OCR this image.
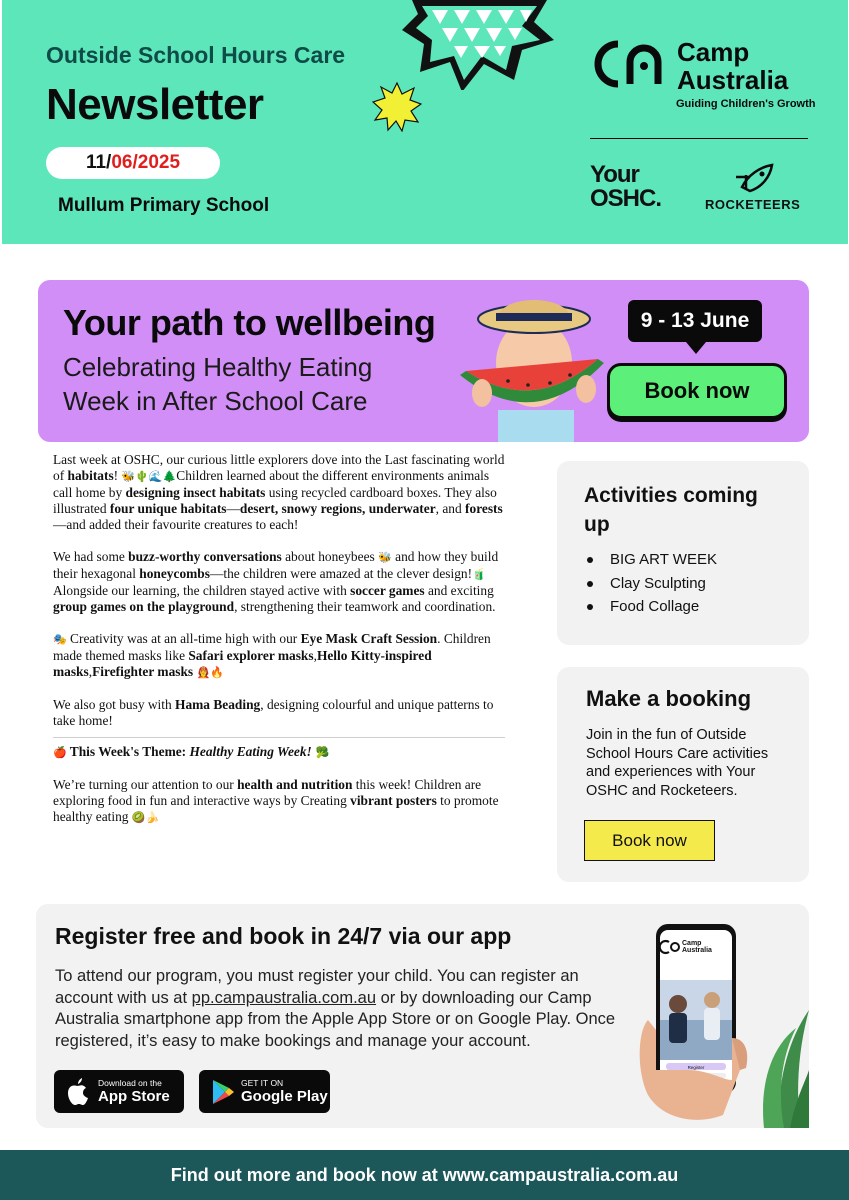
Outside School Hours Care
Newsletter
11/06/2025
Mullum Primary School
Camp
Australia
Guiding Children's Growth
Your
OSHC.	ROCKETEERS
Your path to wellbeing
Celebrating Healthy Eating
Week in After School Care
9 - 13 June
Book now

Last week at OSHC, our curious little explorers dove into the Last fascinating world of habitats! 🐝🌵🌊🌲Children learned about the different environments animals call home by designing insect habitats using recycled cardboard boxes. They also illustrated four unique habitats—desert, snowy regions, underwater, and forests—and added their favourite creatures to each!

We had some buzz-worthy conversations about honeybees 🐝 and how they build their hexagonal honeycombs—the children were amazed at the clever design!🧃 Alongside our learning, the children stayed active with soccer games and exciting group games on the playground, strengthening their teamwork and coordination.

🎭 Creativity was at an all-time high with our Eye Mask Craft Session. Children made themed masks like Safari explorer masks,Hello Kitty-inspired masks,Firefighter masks 👩‍🚒🔥

We also got busy with Hama Beading, designing colourful and unique patterns to take home!

🍎 This Week's Theme: Healthy Eating Week! 🥦

We’re turning our attention to our health and nutrition this week! Children are exploring food in fun and interactive ways by Creating vibrant posters to promote healthy eating 🥝🍌

Activities coming up
BIG ART WEEK
Clay Sculpting
Food Collage
Make a booking
Join in the fun of Outside School Hours Care activities and experiences with Your OSHC and Rocketeers.
Book now
Register free and book in 24/7 via our app
To attend our program, you must register your child. You can register an account with us at pp.campaustralia.com.au or by downloading our Camp Australia smartphone app from the Apple App Store or on Google Play. Once registered, it’s easy to make bookings and manage your account.
Download on the
App Store
GET IT ON
Google Play
Camp
Australia
Register
Find out more and book now at www.campaustralia.com.au
